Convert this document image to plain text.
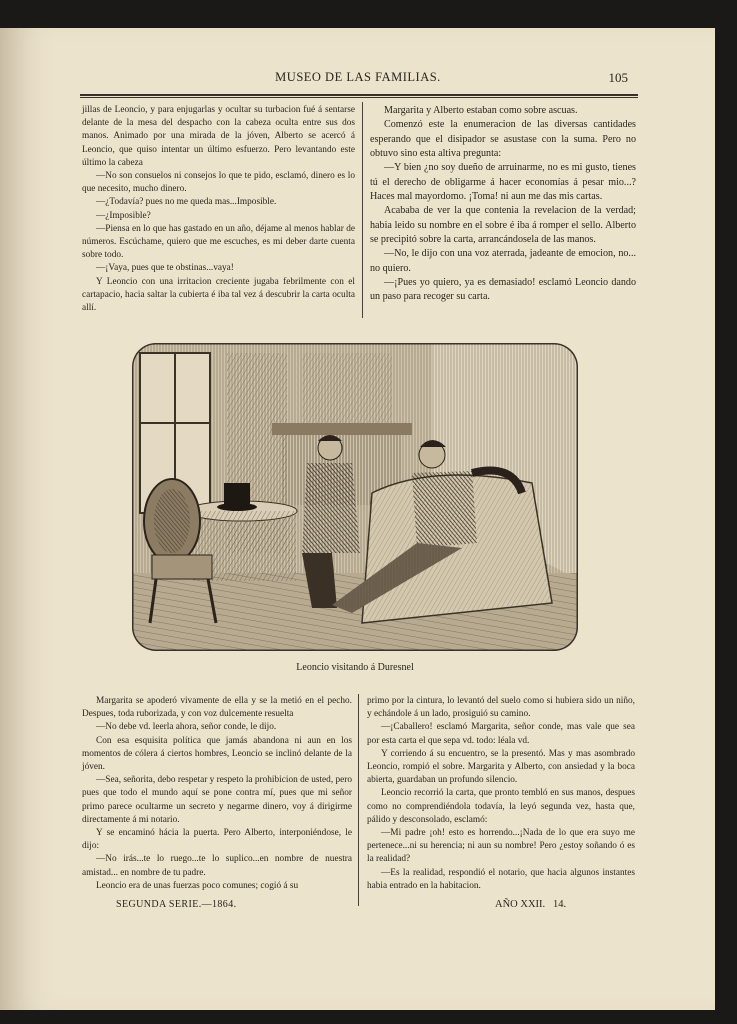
MUSEO DE LAS FAMILIAS.	105

jillas de Leoncio, y para enjugarlas y ocultar su turbacion fué á sentarse delante de la mesa del despacho con la cabeza oculta entre sus dos manos. Animado por una mirada de la jóven, Alberto se acercó á Leoncio, que quiso intentar un último esfuerzo. Pero levantando este último la cabeza

—No son consuelos ni consejos lo que te pido, esclamó, dinero es lo que necesito, mucho dinero.

—¿Todavía? pues no me queda mas...Imposible.

—¿Imposible?

—Piensa en lo que has gastado en un año, déjame al menos hablar de números. Escúchame, quiero que me escuches, es mi deber darte cuenta sobre todo.

—¡Vaya, pues que te obstinas...vaya!

Y Leoncio con una irritacion creciente jugaba febrilmente con el cartapacio, hacia saltar la cubierta é iba tal vez á descubrir la carta oculta allí.

Margarita y Alberto estaban como sobre ascuas.

Comenzó este la enumeracion de las diversas cantidades esperando que el disipador se asustase con la suma. Pero no obtuvo sino esta altiva pregunta:

—Y bien ¿no soy dueño de arruinarme, no es mi gusto, tienes tú el derecho de obligarme á hacer economías á pesar mio...? Haces mal mayordomo. ¡Toma! ni aun me das mis cartas.

Acababa de ver la que contenia la revelacion de la verdad; habia leido su nombre en el sobre é iba á romper el sello. Alberto se precipitó sobre la carta, arrancándosela de las manos.

—No, le dijo con una voz aterrada, jadeante de emocion, no... no quiero.

—¡Pues yo quiero, ya es demasiado! esclamó Leoncio dando un paso para recoger su carta.

Leoncio visitando á Duresnel

Margarita se apoderó vivamente de ella y se la metió en el pecho. Despues, toda ruborizada, y con voz dulcemente resuelta

—No debe vd. leerla ahora, señor conde, le dijo.

Con esa esquisita política que jamás abandona ni aun en los momentos de cólera á ciertos hombres, Leoncio se inclinó delante de la jóven.

—Sea, señorita, debo respetar y respeto la prohibicion de usted, pero pues que todo el mundo aquí se pone contra mí, pues que mi señor primo parece ocultarme un secreto y negarme dinero, voy á dirigirme directamente á mi notario.

Y se encaminó hácia la puerta. Pero Alberto, interponiéndose, le dijo:

—No irás...te lo ruego...te lo suplico...en nombre de nuestra amistad... en nombre de tu padre.

Leoncio era de unas fuerzas poco comunes; cogió á su

primo por la cintura, lo levantó del suelo como si hubiera sido un niño, y echándole á un lado, prosiguió su camino.

—¡Caballero! esclamó Margarita, señor conde, mas vale que sea por esta carta el que sepa vd. todo: léala vd.

Y corriendo á su encuentro, se la presentó. Mas y mas asombrado Leoncio, rompió el sobre. Margarita y Alberto, con ansiedad y la boca abierta, guardaban un profundo silencio.

Leoncio recorrió la carta, que pronto tembló en sus manos, despues como no comprendiéndola todavía, la leyó segunda vez, hasta que, pálido y desconsolado, esclamó:

—Mi padre ¡oh! esto es horrendo...¡Nada de lo que era suyo me pertenece...ni su herencia; ni aun su nombre! Pero ¿estoy soñando ó es la realidad?

—Es la realidad, respondió el notario, que hacia algunos instantes habia entrado en la habitacion.

SEGUNDA SERIE.—1864.	AÑO XXII. 14.
